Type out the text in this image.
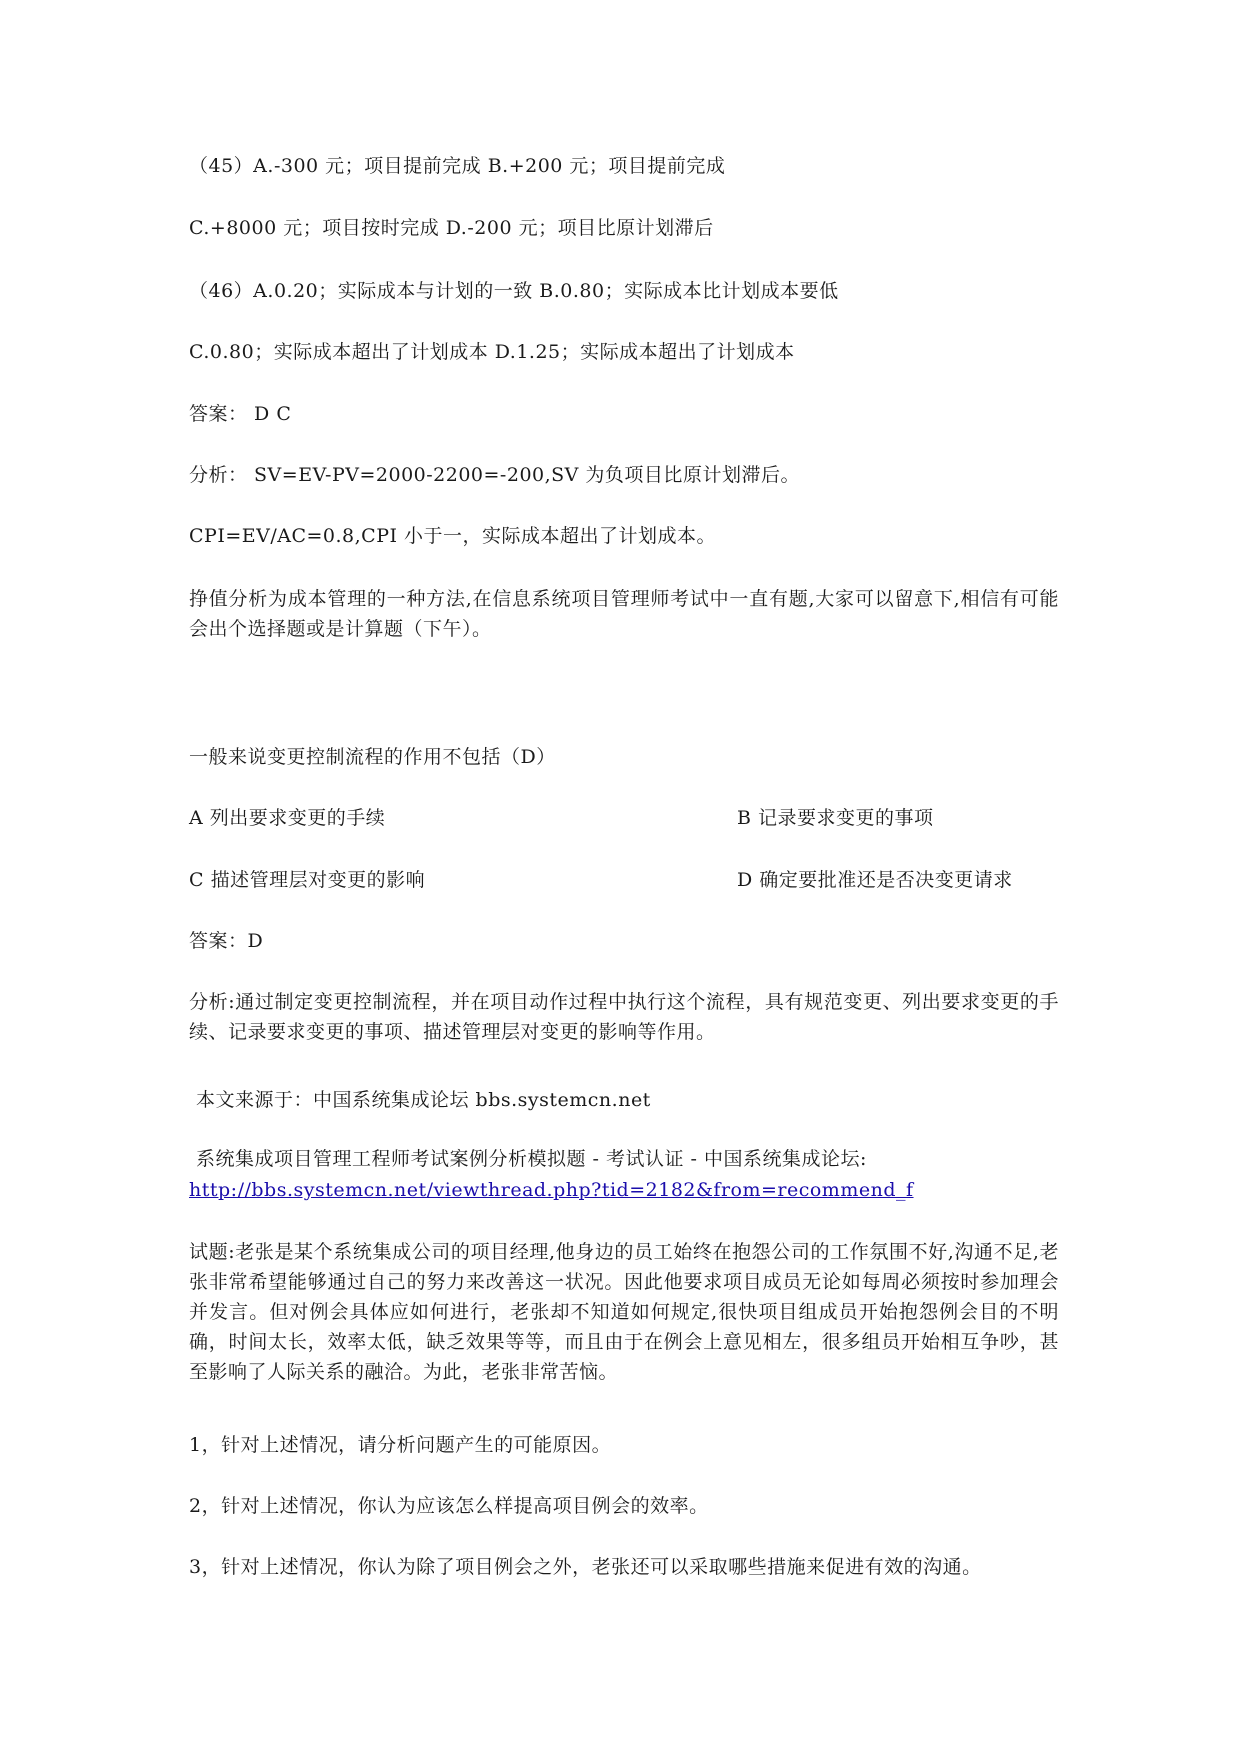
（45）A.-300 元；项目提前完成 B.+200 元；项目提前完成
C.+8000 元；项目按时完成 D.-200 元；项目比原计划滞后
（46）A.0.20；实际成本与计划的一致 B.0.80；实际成本比计划成本要低
C.0.80；实际成本超出了计划成本 D.1.25；实际成本超出了计划成本
答案： D C
分析： SV=EV-PV=2000-2200=-200,SV 为负项目比原计划滞后。
CPI=EV/AC=0.8,CPI 小于一，实际成本超出了计划成本。
挣值分析为成本管理的一种方法,在信息系统项目管理师考试中一直有题,大家可以留意下,相信有可能会出个选择题或是计算题（下午）。
一般来说变更控制流程的作用不包括（D）
A 列出要求变更的手续	B 记录要求变更的事项
C 描述管理层对变更的影响	D 确定要批准还是否决变更请求
答案：D
分析:通过制定变更控制流程，并在项目动作过程中执行这个流程，具有规范变更、列出要求变更的手续、记录要求变更的事项、描述管理层对变更的影响等作用。
本文来源于：中国系统集成论坛 bbs.systemcn.net
系统集成项目管理工程师考试案例分析模拟题 - 考试认证 - 中国系统集成论坛:
http://bbs.systemcn.net/viewthread.php?tid=2182&from=recommend_f
试题:老张是某个系统集成公司的项目经理,他身边的员工始终在抱怨公司的工作氛围不好,沟通不足,老张非常希望能够通过自己的努力来改善这一状况。因此他要求项目成员无论如每周必须按时参加理会并发言。但对例会具体应如何进行，老张却不知道如何规定,很快项目组成员开始抱怨例会目的不明确，时间太长，效率太低，缺乏效果等等，而且由于在例会上意见相左，很多组员开始相互争吵，甚至影响了人际关系的融洽。为此，老张非常苦恼。
1，针对上述情况，请分析问题产生的可能原因。
2，针对上述情况，你认为应该怎么样提高项目例会的效率。
3，针对上述情况，你认为除了项目例会之外，老张还可以采取哪些措施来促进有效的沟通。
